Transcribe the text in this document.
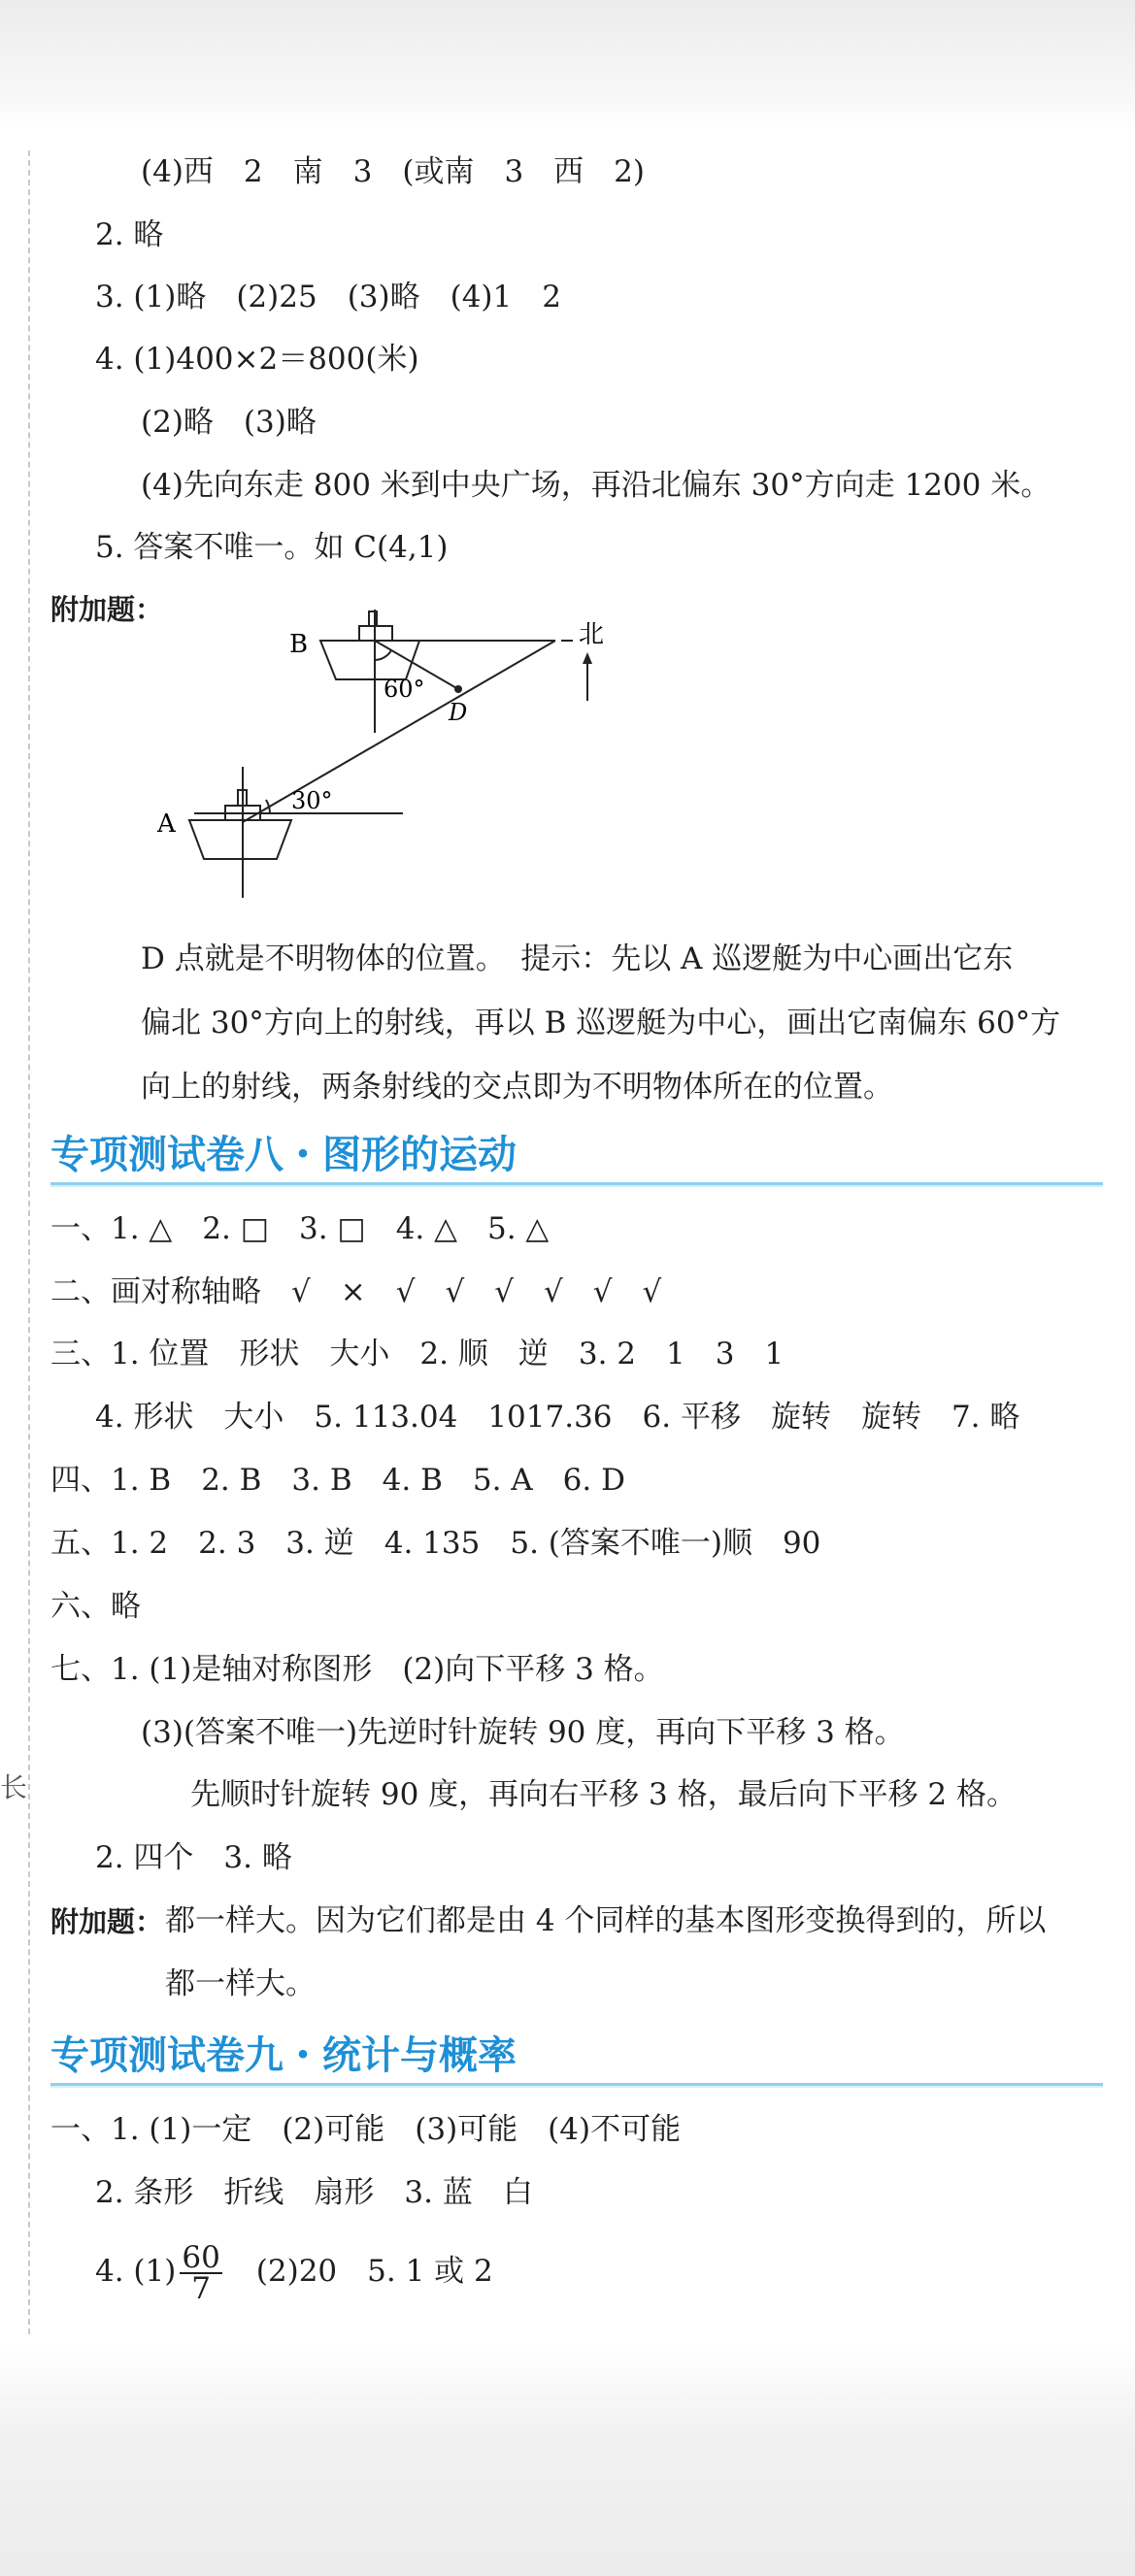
长
(4)西　2　南　3　(或南　3　西　2)
2. 略
3. (1)略　(2)25　(3)略　(4)1　2
4. (1)400×2＝800(米)
(2)略　(3)略
(4)先向东走 800 米到中央广场，再沿北偏东 30°方向走 1200 米。
5. 答案不唯一。如 C(4,1)
附加题：
B
A
D
60°
30°
北
D 点就是不明物体的位置。　提示：先以 A 巡逻艇为中心画出它东
偏北 30°方向上的射线，再以 B 巡逻艇为中心，画出它南偏东 60°方
向上的射线，两条射线的交点即为不明物体所在的位置。
专项测试卷八・图形的运动
一、1. △　2. □　3. □　4. △　5. △
二、画对称轴略　√　×　√　√　√　√　√　√
三、1. 位置　形状　大小　2. 顺　逆　3. 2　1　3　1
4. 形状　大小　5. 113.04　1017.36　6. 平移　旋转　旋转　7. 略
四、1. B　2. B　3. B　4. B　5. A　6. D
五、1. 2　2. 3　3. 逆　4. 135　5. (答案不唯一)顺　90
六、略
七、1. (1)是轴对称图形　(2)向下平移 3 格。
(3)(答案不唯一)先逆时针旋转 90 度，再向下平移 3 格。
先顺时针旋转 90 度，再向右平移 3 格，最后向下平移 2 格。
2. 四个　3. 略
附加题： 都一样大。因为它们都是由 4 个同样的基本图形变换得到的，所以
都一样大。
专项测试卷九・统计与概率
一、1. (1)一定　(2)可能　(3)可能　(4)不可能
2. 条形　折线　扇形　3. 蓝　白
4. $(1) \frac{60}{7}$ 　(2)20　5. 1 或 2
